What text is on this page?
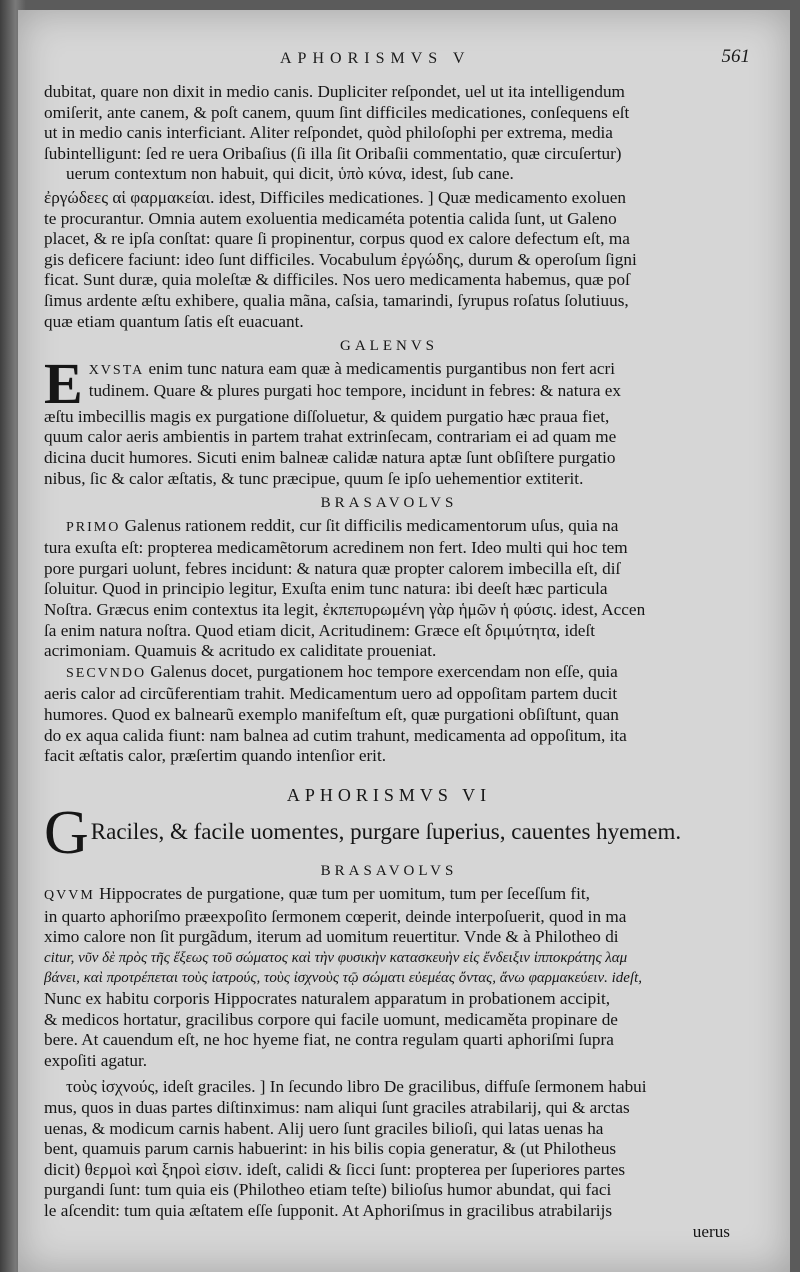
APHORISMVS V	561
dubitat, quare non dixit in medio canis. Dupliciter reſpondet, uel ut ita intelligendum
omiſerit, ante canem, & poſt canem, quum ſint difficiles medicationes, conſequens eſt
ut in medio canis interficiant. Aliter reſpondet, quòd philoſophi per extrema, media
ſubintelligunt: ſed re uera Oribaſius (ſi illa ſit Oribaſii commentatio, quæ circuſertur)
uerum contextum non habuit, qui dicit, ὑπὸ κύνα, idest, ſub cane.
ἐργώδεες αἱ φαρμακείαι. idest, Difficiles medicationes. ] Quæ medicamento exoluen
te procurantur. Omnia autem exoluentia medicaméta potentia calida ſunt, ut Galeno
placet, & re ipſa conſtat: quare ſi propinentur, corpus quod ex calore defectum eſt, ma
gis deficere faciunt: ideo ſunt difficiles. Vocabulum ἐργώδης, durum & operoſum ſigni
ficat. Sunt duræ, quia moleſtæ & difficiles. Nos uero medicamenta habemus, quæ poſ
ſimus ardente æſtu exhibere, qualia mãna, caſsia, tamarindi, ſyrupus roſatus ſolutiuus,
quæ etiam quantum ſatis eſt euacuant.
GALENVS
E XVSTA enim tunc natura eam quæ à medicamentis purgantibus non fert acri
tudinem. Quare & plures purgati hoc tempore, incidunt in febres: & natura ex
æſtu imbecillis magis ex purgatione diſſoluetur, & quidem purgatio hæc praua fiet,
quum calor aeris ambientis in partem trahat extrinſecam, contrariam ei ad quam me
dicina ducit humores. Sicuti enim balneæ calidæ natura aptæ ſunt obſiſtere purgatio
nibus, ſic & calor æſtatis, & tunc præcipue, quum ſe ipſo uehementior extiterit.
BRASAVOLVS
PRIMO Galenus rationem reddit, cur ſit difficilis medicamentorum uſus, quia na
tura exuſta eſt: propterea medicamẽtorum acredinem non fert. Ideo multi qui hoc tem
pore purgari uolunt, febres incidunt: & natura quæ propter calorem imbecilla eſt, diſ
ſoluitur. Quod in principio legitur, Exuſta enim tunc natura: ibi deeſt hæc particula
Noſtra. Græcus enim contextus ita legit, ἐκπεπυρωμένη γὰρ ἡμῶν ἡ φύσις. idest, Accen
ſa enim natura noſtra. Quod etiam dicit, Acritudinem: Græce eſt δριμύτητα, ideſt
acrimoniam. Quamuis & acritudo ex caliditate proueniat.
SECVNDO Galenus docet, purgationem hoc tempore exercendam non eſſe, quia
aeris calor ad circũferentiam trahit. Medicamentum uero ad oppoſitam partem ducit
humores. Quod ex balnearũ exemplo manifeſtum eſt, quæ purgationi obſiſtunt, quan
do ex aqua calida fiunt: nam balnea ad cutim trahunt, medicamenta ad oppoſitum, ita
facit æſtatis calor, præſertim quando intenſior erit.
APHORISMVS VI
G Raciles, & facile uomentes, purgare ſuperius, cauentes hyemem.
BRASAVOLVS
QVVM Hippocrates de purgatione, quæ tum per uomitum, tum per ſeceſſum fit,
in quarto aphoriſmo præexpoſito ſermonem cœperit, deinde interpoſuerit, quod in ma
ximo calore non ſit purgãdum, iterum ad uomitum reuertitur. Vnde & à Philotheo di
citur, νῦν δὲ πρὸς τῆς ἕξεως τοῦ σώματος καὶ τὴν φυσικὴν κατασκευὴν εἰς ἔνδειξιν ἱπποκράτης λαμ
βάνει, καὶ προτρέπεται τοὺς ἰατρούς, τοὺς ἰσχνοὺς τῷ σώματι εὐεμέας ὄντας, ἄνω φαρμακεύειν. ideſt,
Nunc ex habitu corporis Hippocrates naturalem apparatum in probationem accipit,
& medicos hortatur, gracilibus corpore qui facile uomunt, medicaměta propinare de
bere. At cauendum eſt, ne hoc hyeme fiat, ne contra regulam quarti aphoriſmi ſupra
expoſiti agatur.
τοὺς ἰσχνούς, ideſt graciles. ] In ſecundo libro De gracilibus, diffuſe ſermonem habui
mus, quos in duas partes diſtinximus: nam aliqui ſunt graciles atrabilarij, qui & arctas
uenas, & modicum carnis habent. Alij uero ſunt graciles bilioſi, qui latas uenas ha
bent, quamuis parum carnis habuerint: in his bilis copia generatur, & (ut Philotheus
dicit) θερμοὶ καὶ ξηροὶ εἰσιν. ideſt, calidi & ſicci ſunt: propterea per ſuperiores partes
purgandi ſunt: tum quia eis (Philotheo etiam teſte) bilioſus humor abundat, qui faci
le aſcendit: tum quia æſtatem eſſe ſupponit. At Aphoriſmus in gracilibus atrabilarijs
uerus
